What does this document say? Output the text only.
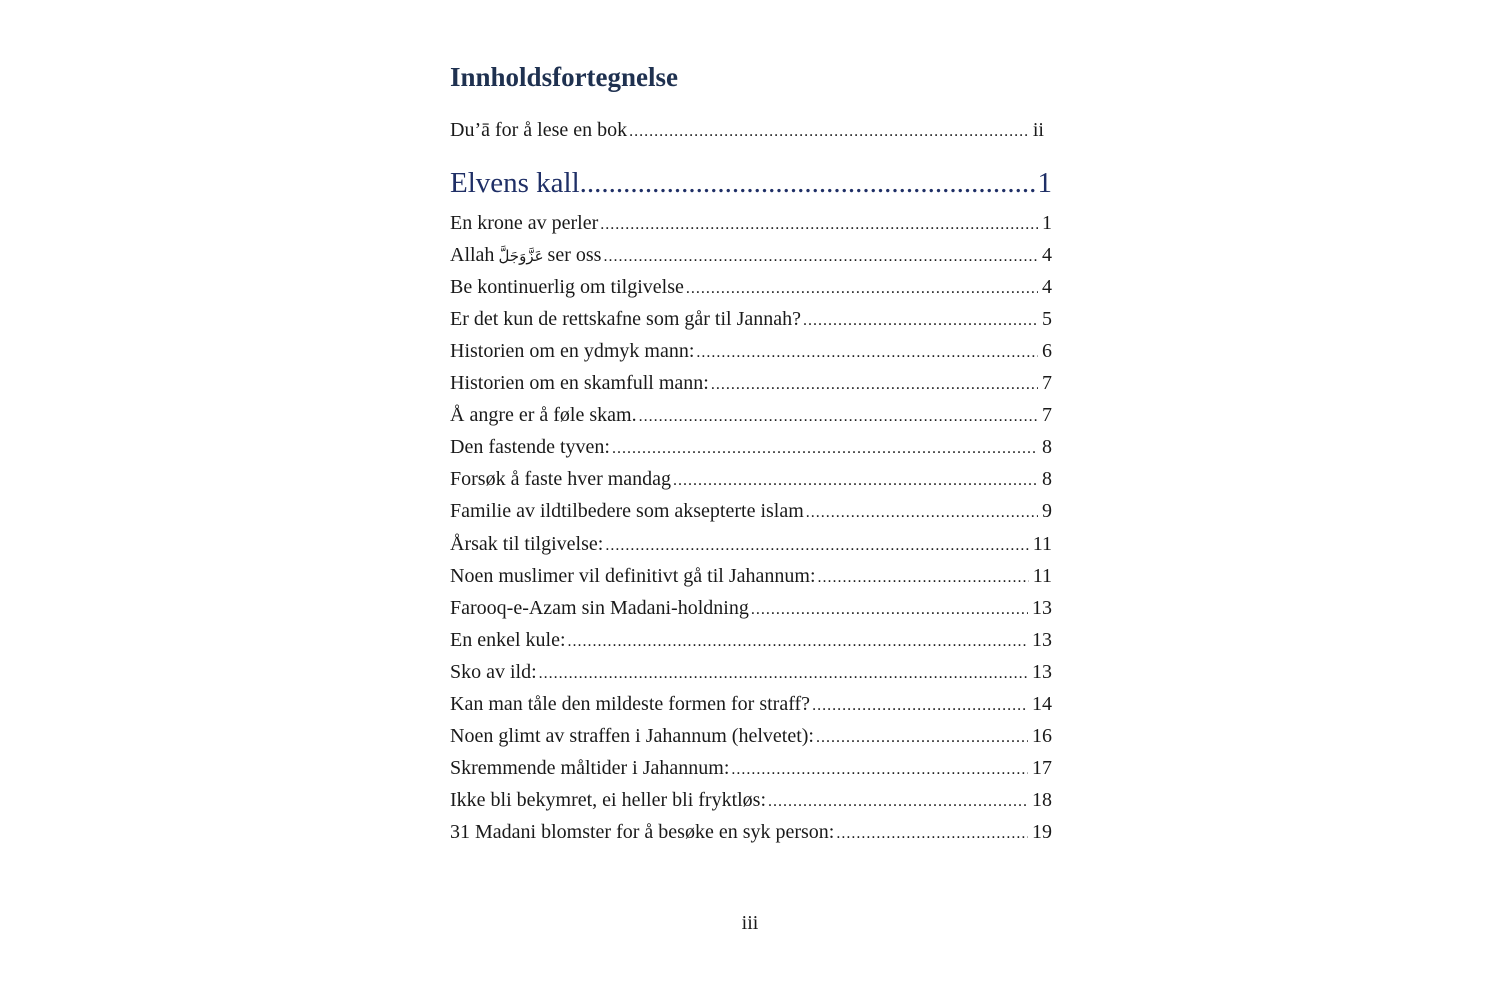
Innholdsfortegnelse
Du’ā for å lese en bok .....	ii
Elvens kall .....	1
En krone av perler .....	1
Allah عَزَّوَجَلَّ ser oss .....	4
Be kontinuerlig om tilgivelse .....	4
Er det kun de rettskafne som går til Jannah? .....	5
Historien om en ydmyk mann: .....	6
Historien om en skamfull mann: .....	7
Å angre er å føle skam. .....	7
Den fastende tyven: .....	8
Forsøk å faste hver mandag .....	8
Familie av ildtilbedere som aksepterte islam .....	9
Årsak til tilgivelse: .....	11
Noen muslimer vil definitivt gå til Jahannum: .....	11
Farooq-e-Azam sin Madani-holdning .....	13
En enkel kule: .....	13
Sko av ild: .....	13
Kan man tåle den mildeste formen for straff? .....	14
Noen glimt av straffen i Jahannum (helvetet): .....	16
Skremmende måltider i Jahannum: .....	17
Ikke bli bekymret, ei heller bli fryktløs: .....	18
31 Madani blomster for å besøke en syk person: .....	19
iii
